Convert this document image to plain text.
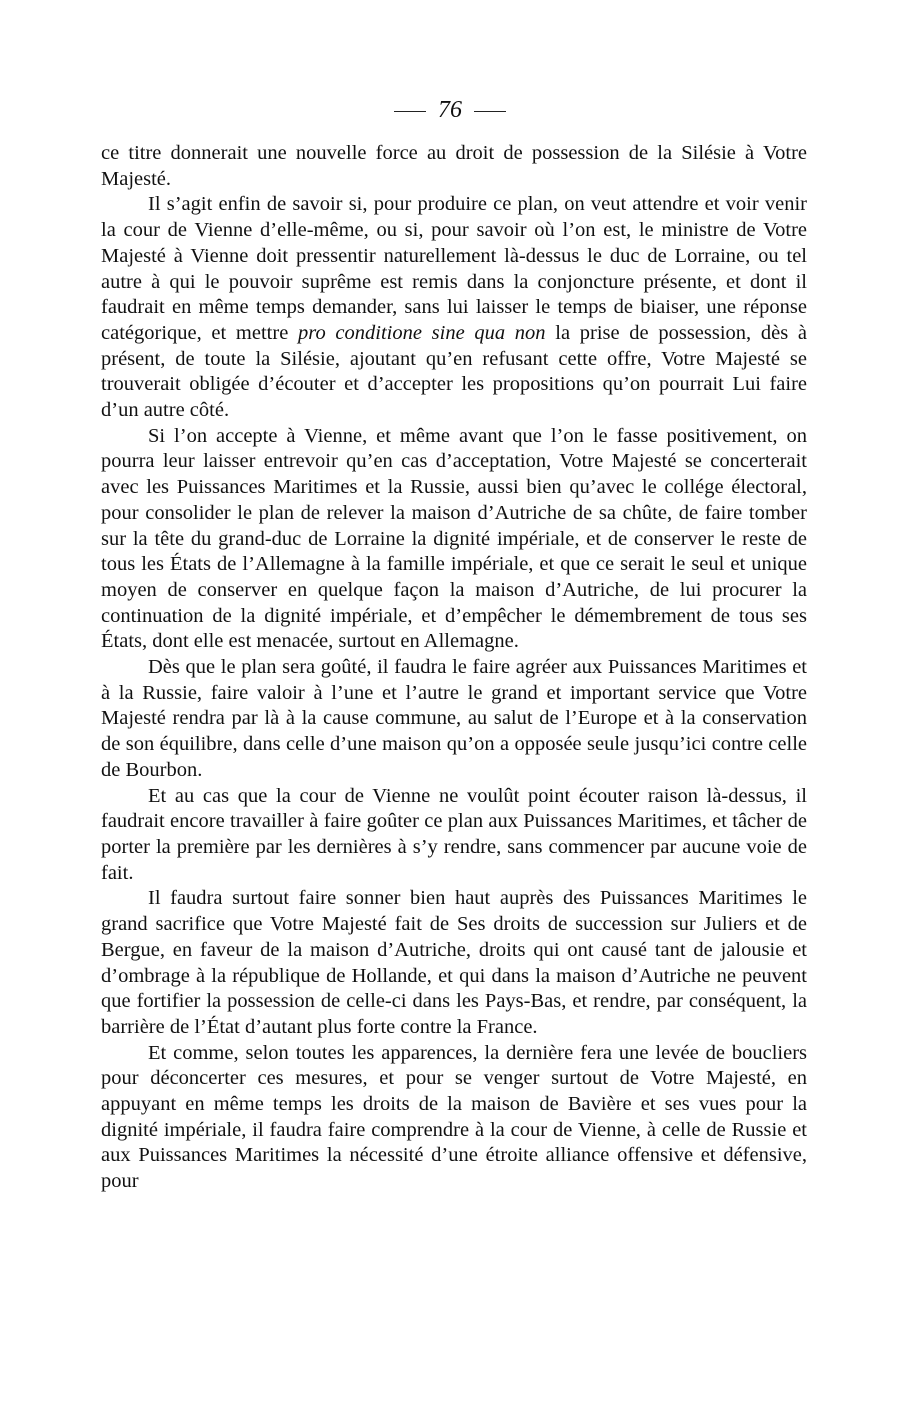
76

ce titre donnerait une nouvelle force au droit de possession de la Silésie à Votre Majesté.

Il s’agit enfin de savoir si, pour produire ce plan, on veut attendre et voir venir la cour de Vienne d’elle-même, ou si, pour savoir où l’on est, le ministre de Votre Majesté à Vienne doit pressentir naturellement là-dessus le duc de Lorraine, ou tel autre à qui le pouvoir suprême est remis dans la conjoncture présente, et dont il faudrait en même temps demander, sans lui laisser le temps de biaiser, une réponse catégorique, et mettre pro conditione sine qua non la prise de possession, dès à présent, de toute la Silésie, ajoutant qu’en refusant cette offre, Votre Majesté se trouverait obligée d’écouter et d’accepter les propositions qu’on pourrait Lui faire d’un autre côté.

Si l’on accepte à Vienne, et même avant que l’on le fasse positivement, on pourra leur laisser entrevoir qu’en cas d’acceptation, Votre Majesté se concerterait avec les Puissances Maritimes et la Russie, aussi bien qu’avec le collége électoral, pour consolider le plan de relever la maison d’Autriche de sa chûte, de faire tomber sur la tête du grand-duc de Lorraine la dignité impériale, et de conserver le reste de tous les États de l’Allemagne à la famille impériale, et que ce serait le seul et unique moyen de conserver en quelque façon la maison d’Autriche, de lui procurer la continuation de la dignité impériale, et d’empêcher le démembrement de tous ses États, dont elle est menacée, surtout en Allemagne.

Dès que le plan sera goûté, il faudra le faire agréer aux Puissances Maritimes et à la Russie, faire valoir à l’une et l’autre le grand et important service que Votre Majesté rendra par là à la cause commune, au salut de l’Europe et à la conservation de son équilibre, dans celle d’une maison qu’on a opposée seule jusqu’ici contre celle de Bourbon.

Et au cas que la cour de Vienne ne voulût point écouter raison là-dessus, il faudrait encore travailler à faire goûter ce plan aux Puissances Maritimes, et tâcher de porter la première par les dernières à s’y rendre, sans commencer par aucune voie de fait.

Il faudra surtout faire sonner bien haut auprès des Puissances Maritimes le grand sacrifice que Votre Majesté fait de Ses droits de succession sur Juliers et de Bergue, en faveur de la maison d’Autriche, droits qui ont causé tant de jalousie et d’ombrage à la république de Hollande, et qui dans la maison d’Autriche ne peuvent que fortifier la possession de celle-ci dans les Pays-Bas, et rendre, par conséquent, la barrière de l’État d’autant plus forte contre la France.

Et comme, selon toutes les apparences, la dernière fera une levée de boucliers pour déconcerter ces mesures, et pour se venger surtout de Votre Majesté, en appuyant en même temps les droits de la maison de Bavière et ses vues pour la dignité impériale, il faudra faire comprendre à la cour de Vienne, à celle de Russie et aux Puissances Maritimes la nécessité d’une étroite alliance offensive et défensive, pour
